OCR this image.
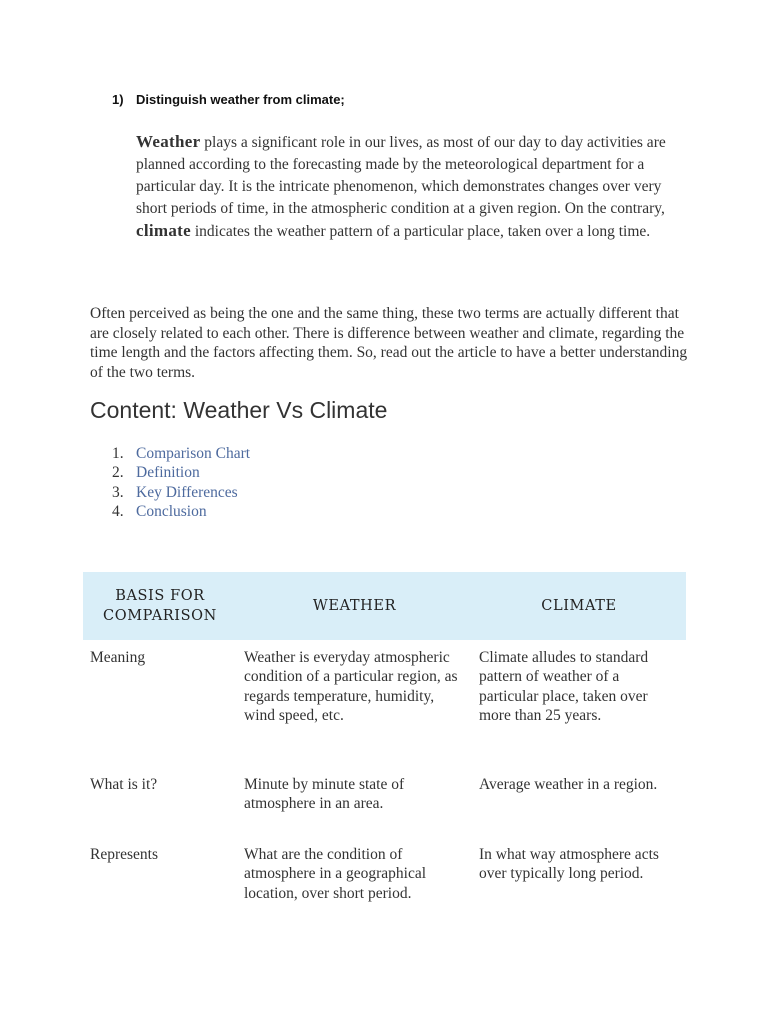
1) Distinguish weather from climate;

Weather plays a significant role in our lives, as most of our day to day activities are planned according to the forecasting made by the meteorological department for a particular day. It is the intricate phenomenon, which demonstrates changes over very short periods of time, in the atmospheric condition at a given region. On the contrary, climate indicates the weather pattern of a particular place, taken over a long time.

Often perceived as being the one and the same thing, these two terms are actually different that are closely related to each other. There is difference between weather and climate, regarding the time length and the factors affecting them. So, read out the article to have a better understanding of the two terms.

Content: Weather Vs Climate
1. Comparison Chart
2. Definition
3. Key Differences
4. Conclusion
BASIS FOR COMPARISON	WEATHER	CLIMATE
Meaning	Weather is everyday atmospheric condition of a particular region, as regards temperature, humidity, wind speed, etc.	Climate alludes to standard pattern of weather of a particular place, taken over more than 25 years.
What is it?	Minute by minute state of atmosphere in an area.	Average weather in a region.
Represents	What are the condition of atmosphere in a geographical location, over short period.	In what way atmosphere acts over typically long period.
